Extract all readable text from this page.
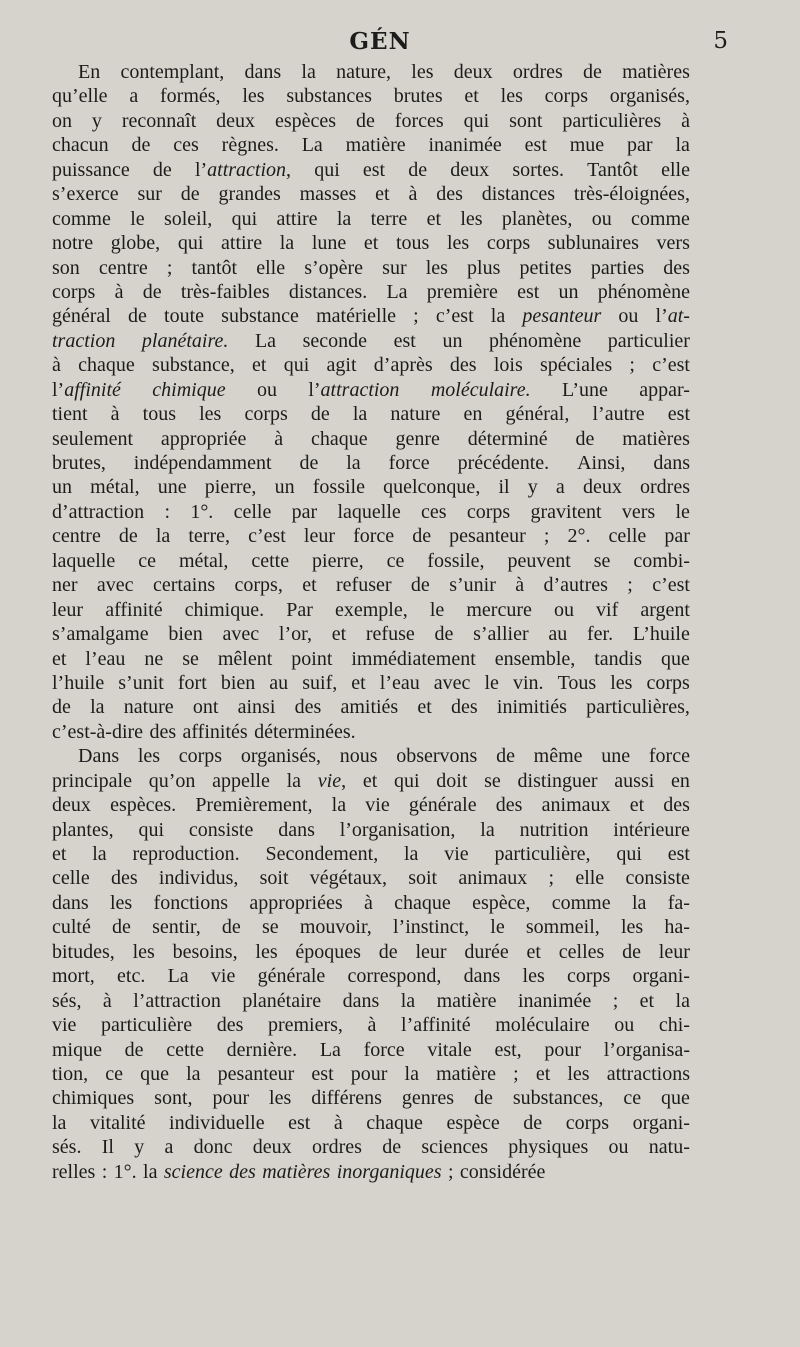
GÉN	5
En contemplant, dans la nature, les deux ordres de matières
qu’elle a formés, les substances brutes et les corps organisés,
on y reconnaît deux espèces de forces qui sont particulières à
chacun de ces règnes. La matière inanimée est mue par la
puissance de l’attraction, qui est de deux sortes. Tantôt elle
s’exerce sur de grandes masses et à des distances très-éloignées,
comme le soleil, qui attire la terre et les planètes, ou comme
notre globe, qui attire la lune et tous les corps sublunaires vers
son centre ; tantôt elle s’opère sur les plus petites parties des
corps à de très-faibles distances. La première est un phénomène
général de toute substance matérielle ; c’est la pesanteur ou l’at-
traction planétaire. La seconde est un phénomène particulier
à chaque substance, et qui agit d’après des lois spéciales ; c’est
l’affinité chimique ou l’attraction moléculaire. L’une appar-
tient à tous les corps de la nature en général, l’autre est
seulement appropriée à chaque genre déterminé de matières
brutes, indépendamment de la force précédente. Ainsi, dans
un métal, une pierre, un fossile quelconque, il y a deux ordres
d’attraction : 1°. celle par laquelle ces corps gravitent vers le
centre de la terre, c’est leur force de pesanteur ; 2°. celle par
laquelle ce métal, cette pierre, ce fossile, peuvent se combi-
ner avec certains corps, et refuser de s’unir à d’autres ; c’est
leur affinité chimique. Par exemple, le mercure ou vif argent
s’amalgame bien avec l’or, et refuse de s’allier au fer. L’huile
et l’eau ne se mêlent point immédiatement ensemble, tandis que
l’huile s’unit fort bien au suif, et l’eau avec le vin. Tous les corps
de la nature ont ainsi des amitiés et des inimitiés particulières,
c’est-à-dire des affinités déterminées.
Dans les corps organisés, nous observons de même une force
principale qu’on appelle la vie, et qui doit se distinguer aussi en
deux espèces. Premièrement, la vie générale des animaux et des
plantes, qui consiste dans l’organisation, la nutrition intérieure
et la reproduction. Secondement, la vie particulière, qui est
celle des individus, soit végétaux, soit animaux ; elle consiste
dans les fonctions appropriées à chaque espèce, comme la fa-
culté de sentir, de se mouvoir, l’instinct, le sommeil, les ha-
bitudes, les besoins, les époques de leur durée et celles de leur
mort, etc. La vie générale correspond, dans les corps organi-
sés, à l’attraction planétaire dans la matière inanimée ; et la
vie particulière des premiers, à l’affinité moléculaire ou chi-
mique de cette dernière. La force vitale est, pour l’organisa-
tion, ce que la pesanteur est pour la matière ; et les attractions
chimiques sont, pour les différens genres de substances, ce que
la vitalité individuelle est à chaque espèce de corps organi-
sés. Il y a donc deux ordres de sciences physiques ou natu-
relles : 1°. la science des matières inorganiques ; considérée
